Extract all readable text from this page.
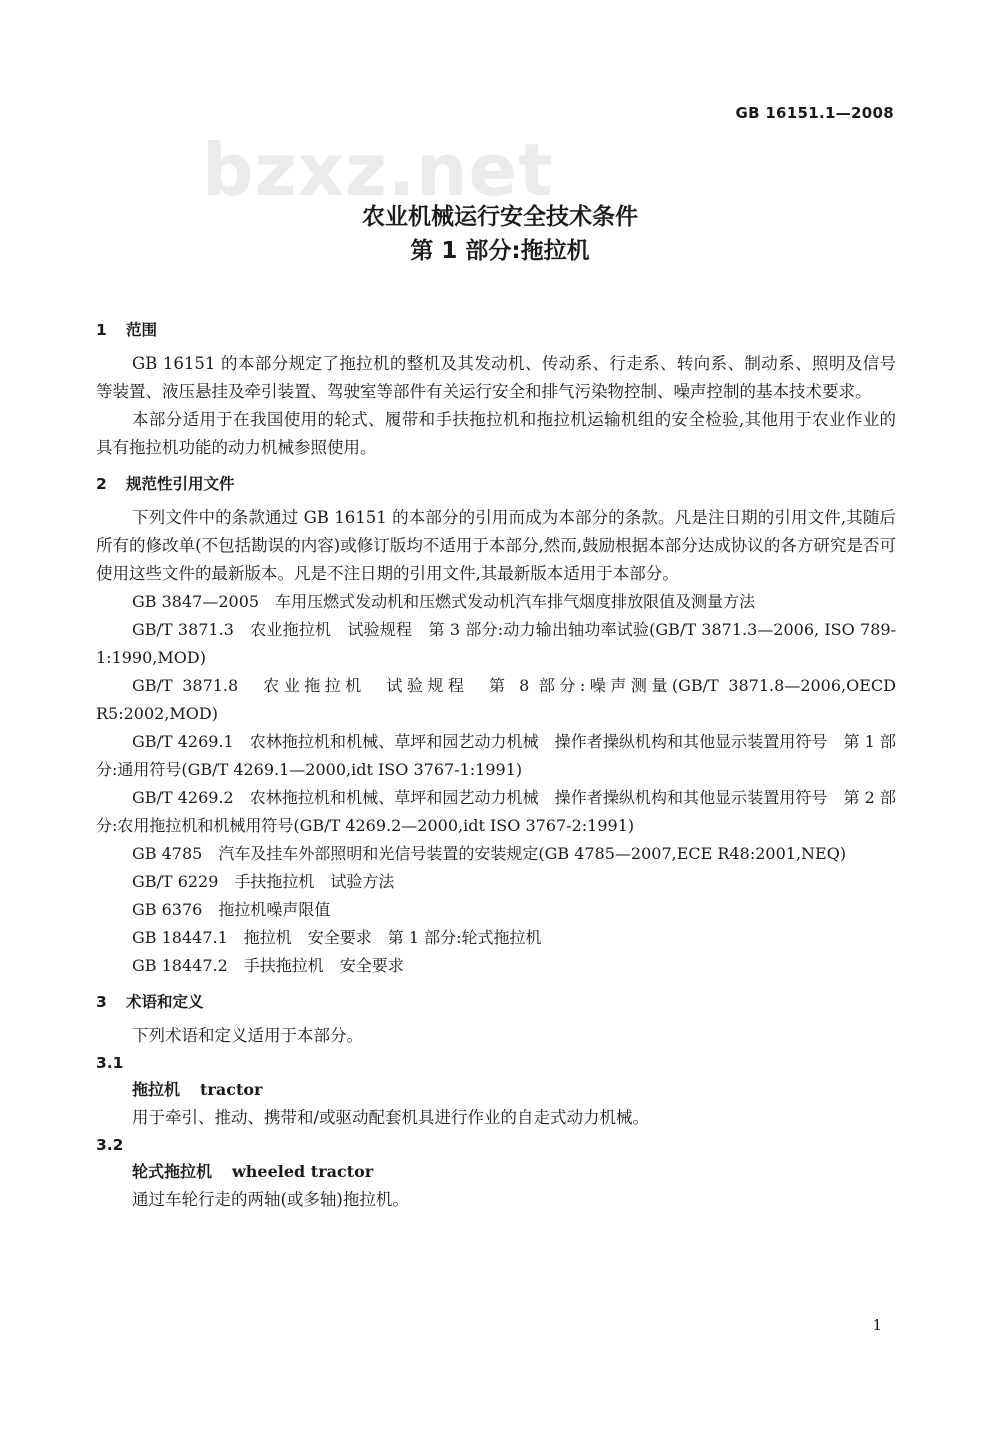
GB 16151.1—2008
bzxz.net
农业机械运行安全技术条件
第 1 部分:拖拉机

1 范围

GB 16151 的本部分规定了拖拉机的整机及其发动机、传动系、行走系、转向系、制动系、照明及信号等装置、液压悬挂及牵引装置、驾驶室等部件有关运行安全和排气污染物控制、噪声控制的基本技术要求。

本部分适用于在我国使用的轮式、履带和手扶拖拉机和拖拉机运输机组的安全检验,其他用于农业作业的具有拖拉机功能的动力机械参照使用。

2 规范性引用文件

下列文件中的条款通过 GB 16151 的本部分的引用而成为本部分的条款。凡是注日期的引用文件,其随后所有的修改单(不包括勘误的内容)或修订版均不适用于本部分,然而,鼓励根据本部分达成协议的各方研究是否可使用这些文件的最新版本。凡是不注日期的引用文件,其最新版本适用于本部分。

GB 3847—2005　车用压燃式发动机和压燃式发动机汽车排气烟度排放限值及测量方法

GB/T 3871.3　农业拖拉机　试验规程　第 3 部分:动力输出轴功率试验(GB/T 3871.3—2006, ISO 789-1:1990,MOD)

GB/T 3871.8　农业拖拉机　试验规程　第 8 部分:噪声测量(GB/T 3871.8—2006,OECD R5:2002,MOD)

GB/T 4269.1　农林拖拉机和机械、草坪和园艺动力机械　操作者操纵机构和其他显示装置用符号　第 1 部分:通用符号(GB/T 4269.1—2000,idt ISO 3767-1:1991)

GB/T 4269.2　农林拖拉机和机械、草坪和园艺动力机械　操作者操纵机构和其他显示装置用符号　第 2 部分:农用拖拉机和机械用符号(GB/T 4269.2—2000,idt ISO 3767-2:1991)

GB 4785　汽车及挂车外部照明和光信号装置的安装规定(GB 4785—2007,ECE R48:2001,NEQ)

GB/T 6229　手扶拖拉机　试验方法

GB 6376　拖拉机噪声限值

GB 18447.1　拖拉机　安全要求　第 1 部分:轮式拖拉机

GB 18447.2　手扶拖拉机　安全要求

3 术语和定义

下列术语和定义适用于本部分。

3.1

拖拉机 tractor

用于牵引、推动、携带和/或驱动配套机具进行作业的自走式动力机械。

3.2

轮式拖拉机 wheeled tractor

通过车轮行走的两轴(或多轴)拖拉机。

1
